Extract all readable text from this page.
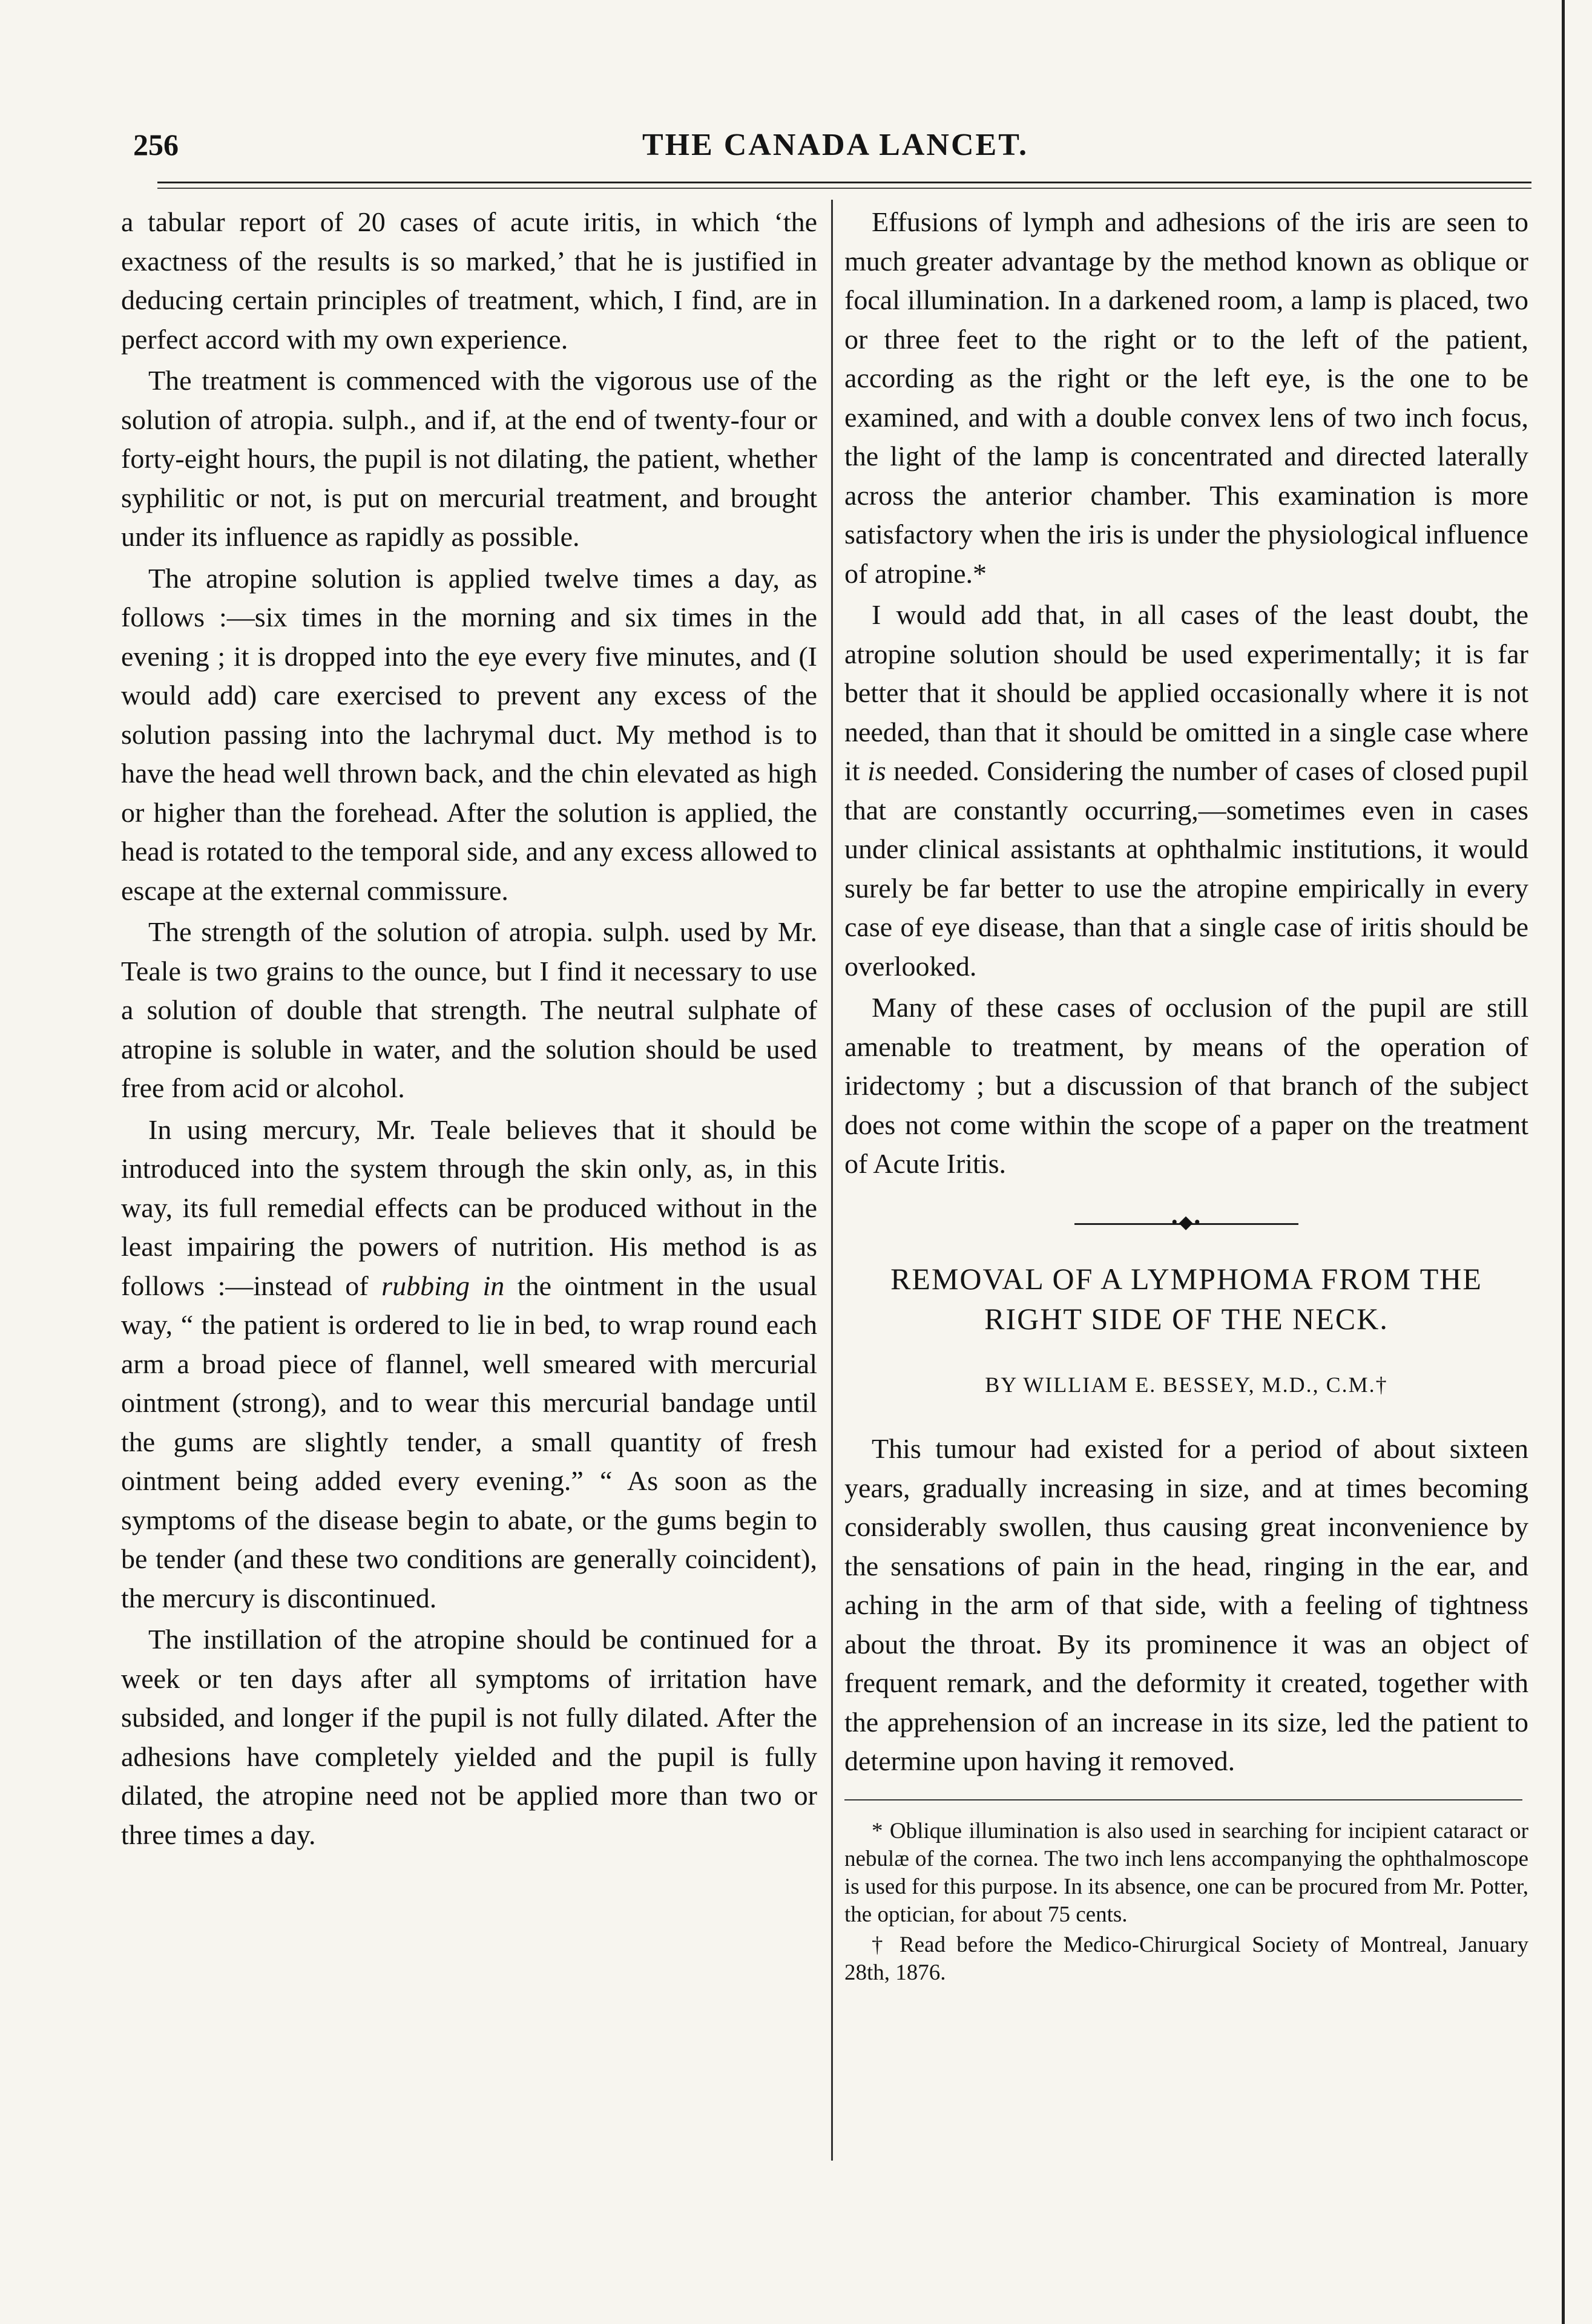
256	THE CANADA LANCET.

a tabular report of 20 cases of acute iritis, in which ‘the exactness of the results is so marked,’ that he is justified in deducing certain principles of treatment, which, I find, are in perfect accord with my own experience.

The treatment is commenced with the vigorous use of the solution of atropia. sulph., and if, at the end of twenty-four or forty-eight hours, the pupil is not dilating, the patient, whether syphilitic or not, is put on mercurial treatment, and brought under its influence as rapidly as possible.

The atropine solution is applied twelve times a day, as follows :—six times in the morning and six times in the evening ; it is dropped into the eye every five minutes, and (I would add) care exercised to prevent any excess of the solution passing into the lachrymal duct. My method is to have the head well thrown back, and the chin elevated as high or higher than the forehead. After the solution is applied, the head is rotated to the temporal side, and any excess allowed to escape at the external commissure.

The strength of the solution of atropia. sulph. used by Mr. Teale is two grains to the ounce, but I find it necessary to use a solution of double that strength. The neutral sulphate of atropine is soluble in water, and the solution should be used free from acid or alcohol.

In using mercury, Mr. Teale believes that it should be introduced into the system through the skin only, as, in this way, its full remedial effects can be produced without in the least impairing the powers of nutrition. His method is as follows :—instead of rubbing in the ointment in the usual way, “ the patient is ordered to lie in bed, to wrap round each arm a broad piece of flannel, well smeared with mercurial ointment (strong), and to wear this mercurial bandage until the gums are slightly tender, a small quantity of fresh ointment being added every evening.” “ As soon as the symptoms of the disease begin to abate, or the gums begin to be tender (and these two conditions are generally coincident), the mercury is discontinued.

The instillation of the atropine should be continued for a week or ten days after all symptoms of irritation have subsided, and longer if the pupil is not fully dilated. After the adhesions have completely yielded and the pupil is fully dilated, the atropine need not be applied more than two or three times a day.

Effusions of lymph and adhesions of the iris are seen to much greater advantage by the method known as oblique or focal illumination. In a darkened room, a lamp is placed, two or three feet to the right or to the left of the patient, according as the right or the left eye, is the one to be examined, and with a double convex lens of two inch focus, the light of the lamp is concentrated and directed laterally across the anterior chamber. This examination is more satisfactory when the iris is under the physiological influence of atropine.*

I would add that, in all cases of the least doubt, the atropine solution should be used experimentally; it is far better that it should be applied occasionally where it is not needed, than that it should be omitted in a single case where it is needed. Considering the number of cases of closed pupil that are constantly occurring,—sometimes even in cases under clinical assistants at ophthalmic institutions, it would surely be far better to use the atropine empirically in every case of eye disease, than that a single case of iritis should be overlooked.

Many of these cases of occlusion of the pupil are still amenable to treatment, by means of the operation of iridectomy ; but a discussion of that branch of the subject does not come within the scope of a paper on the treatment of Acute Iritis.

•◆•

REMOVAL OF A LYMPHOMA FROM THE
RIGHT SIDE OF THE NECK.

BY WILLIAM E. BESSEY, M.D., C.M.†

This tumour had existed for a period of about sixteen years, gradually increasing in size, and at times becoming considerably swollen, thus causing great inconvenience by the sensations of pain in the head, ringing in the ear, and aching in the arm of that side, with a feeling of tightness about the throat. By its prominence it was an object of frequent remark, and the deformity it created, together with the apprehension of an increase in its size, led the patient to determine upon having it removed.

* Oblique illumination is also used in searching for incipient cataract or nebulæ of the cornea. The two inch lens accompanying the ophthalmoscope is used for this purpose. In its absence, one can be procured from Mr. Potter, the optician, for about 75 cents.

† Read before the Medico-Chirurgical Society of Montreal, January 28th, 1876.
